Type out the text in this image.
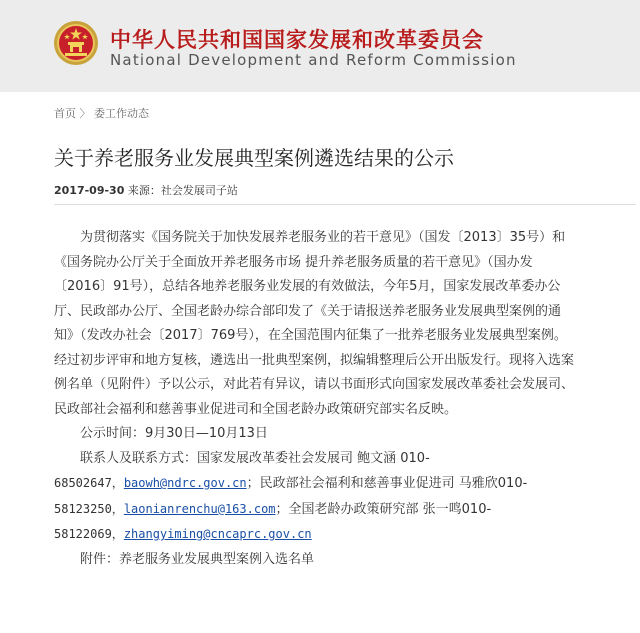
中华人民共和国国家发展和改革委员会
National Development and Reform Commission
首页 〉 委工作动态
关于养老服务业发展典型案例遴选结果的公示
2017-09-30 来源：社会发展司子站
为贯彻落实《国务院关于加快发展养老服务业的若干意见》（国发〔2013〕35号）和
《国务院办公厅关于全面放开养老服务市场 提升养老服务质量的若干意见》（国办发
〔2016〕91号），总结各地养老服务业发展的有效做法，今年5月，国家发展改革委办公
厅、民政部办公厅、全国老龄办综合部印发了《关于请报送养老服务业发展典型案例的通
知》（发改办社会〔2017〕769号），在全国范围内征集了一批养老服务业发展典型案例。
经过初步评审和地方复核，遴选出一批典型案例，拟编辑整理后公开出版发行。现将入选案
例名单（见附件）予以公示，对此若有异议，请以书面形式向国家发展改革委社会发展司、
民政部社会福利和慈善事业促进司和全国老龄办政策研究部实名反映。
公示时间：9月30日—10月13日
联系人及联系方式：国家发展改革委社会发展司 鲍文涵 010-
68502647，baowh@ndrc.gov.cn；民政部社会福利和慈善事业促进司 马雅欣010-
58123250，laonianrenchu@163.com；全国老龄办政策研究部 张一鸣010-
58122069，zhangyiming@cncaprc.gov.cn
附件：养老服务业发展典型案例入选名单
